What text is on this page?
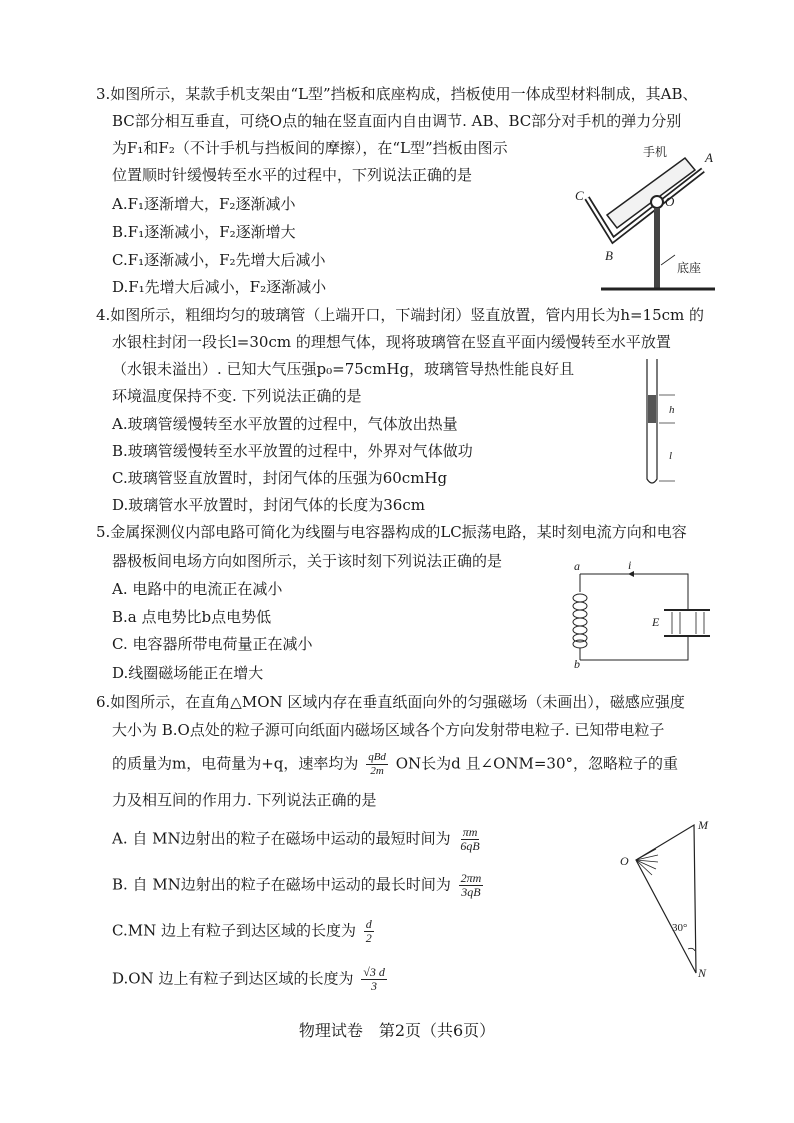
3.如图所示，某款手机支架由“L型”挡板和底座构成，挡板使用一体成型材料制成，其AB、
BC部分相互垂直，可绕O点的轴在竖直面内自由调节. AB、BC部分对手机的弹力分别
为F₁和F₂（不计手机与挡板间的摩擦），在“L型”挡板由图示
位置顺时针缓慢转至水平的过程中，下列说法正确的是
A.F₁逐渐增大，F₂逐渐减小
B.F₁逐渐减小，F₂逐渐增大
C.F₁逐渐减小，F₂先增大后减小
D.F₁先增大后减小，F₂逐渐减小
手机	A
C	O
B
底座
4.如图所示，粗细均匀的玻璃管（上端开口，下端封闭）竖直放置，管内用长为h=15cm 的
水银柱封闭一段长l=30cm 的理想气体，现将玻璃管在竖直平面内缓慢转至水平放置
（水银未溢出）. 已知大气压强p₀=75cmHg，玻璃管导热性能良好且
环境温度保持不变. 下列说法正确的是
A.玻璃管缓慢转至水平放置的过程中，气体放出热量
B.玻璃管缓慢转至水平放置的过程中，外界对气体做功
C.玻璃管竖直放置时，封闭气体的压强为60cmHg
D.玻璃管水平放置时，封闭气体的长度为36cm
h
l
5.金属探测仪内部电路可简化为线圈与电容器构成的LC振荡电路，某时刻电流方向和电容
器极板间电场方向如图所示，关于该时刻下列说法正确的是
A. 电路中的电流正在减小
B.a 点电势比b点电势低
C. 电容器所带电荷量正在减小
D.线圈磁场能正在增大
a	i
E
b
6.如图所示，在直角△MON 区域内存在垂直纸面向外的匀强磁场（未画出），磁感应强度
大小为 B.O点处的粒子源可向纸面内磁场区域各个方向发射带电粒子. 已知带电粒子
的质量为m，电荷量为+q，速率均为 $\frac{\text{qBd}}{2m}$ ON长为d 且∠ONM=30°，忽略粒子的重
力及相互间的作用力. 下列说法正确的是
A. 自 MN边射出的粒子在磁场中运动的最短时间为 $\frac{\pi m}{6qB}$
B. 自 MN边射出的粒子在磁场中运动的最长时间为 $\frac{2\pi m}{3qB}$
C.MN 边上有粒子到达区域的长度为 $\frac{d}{2}$
D.ON 边上有粒子到达区域的长度为 $\frac{√3 d}{3}$
M
O
30°
N
物理试卷　第2页（共6页）
